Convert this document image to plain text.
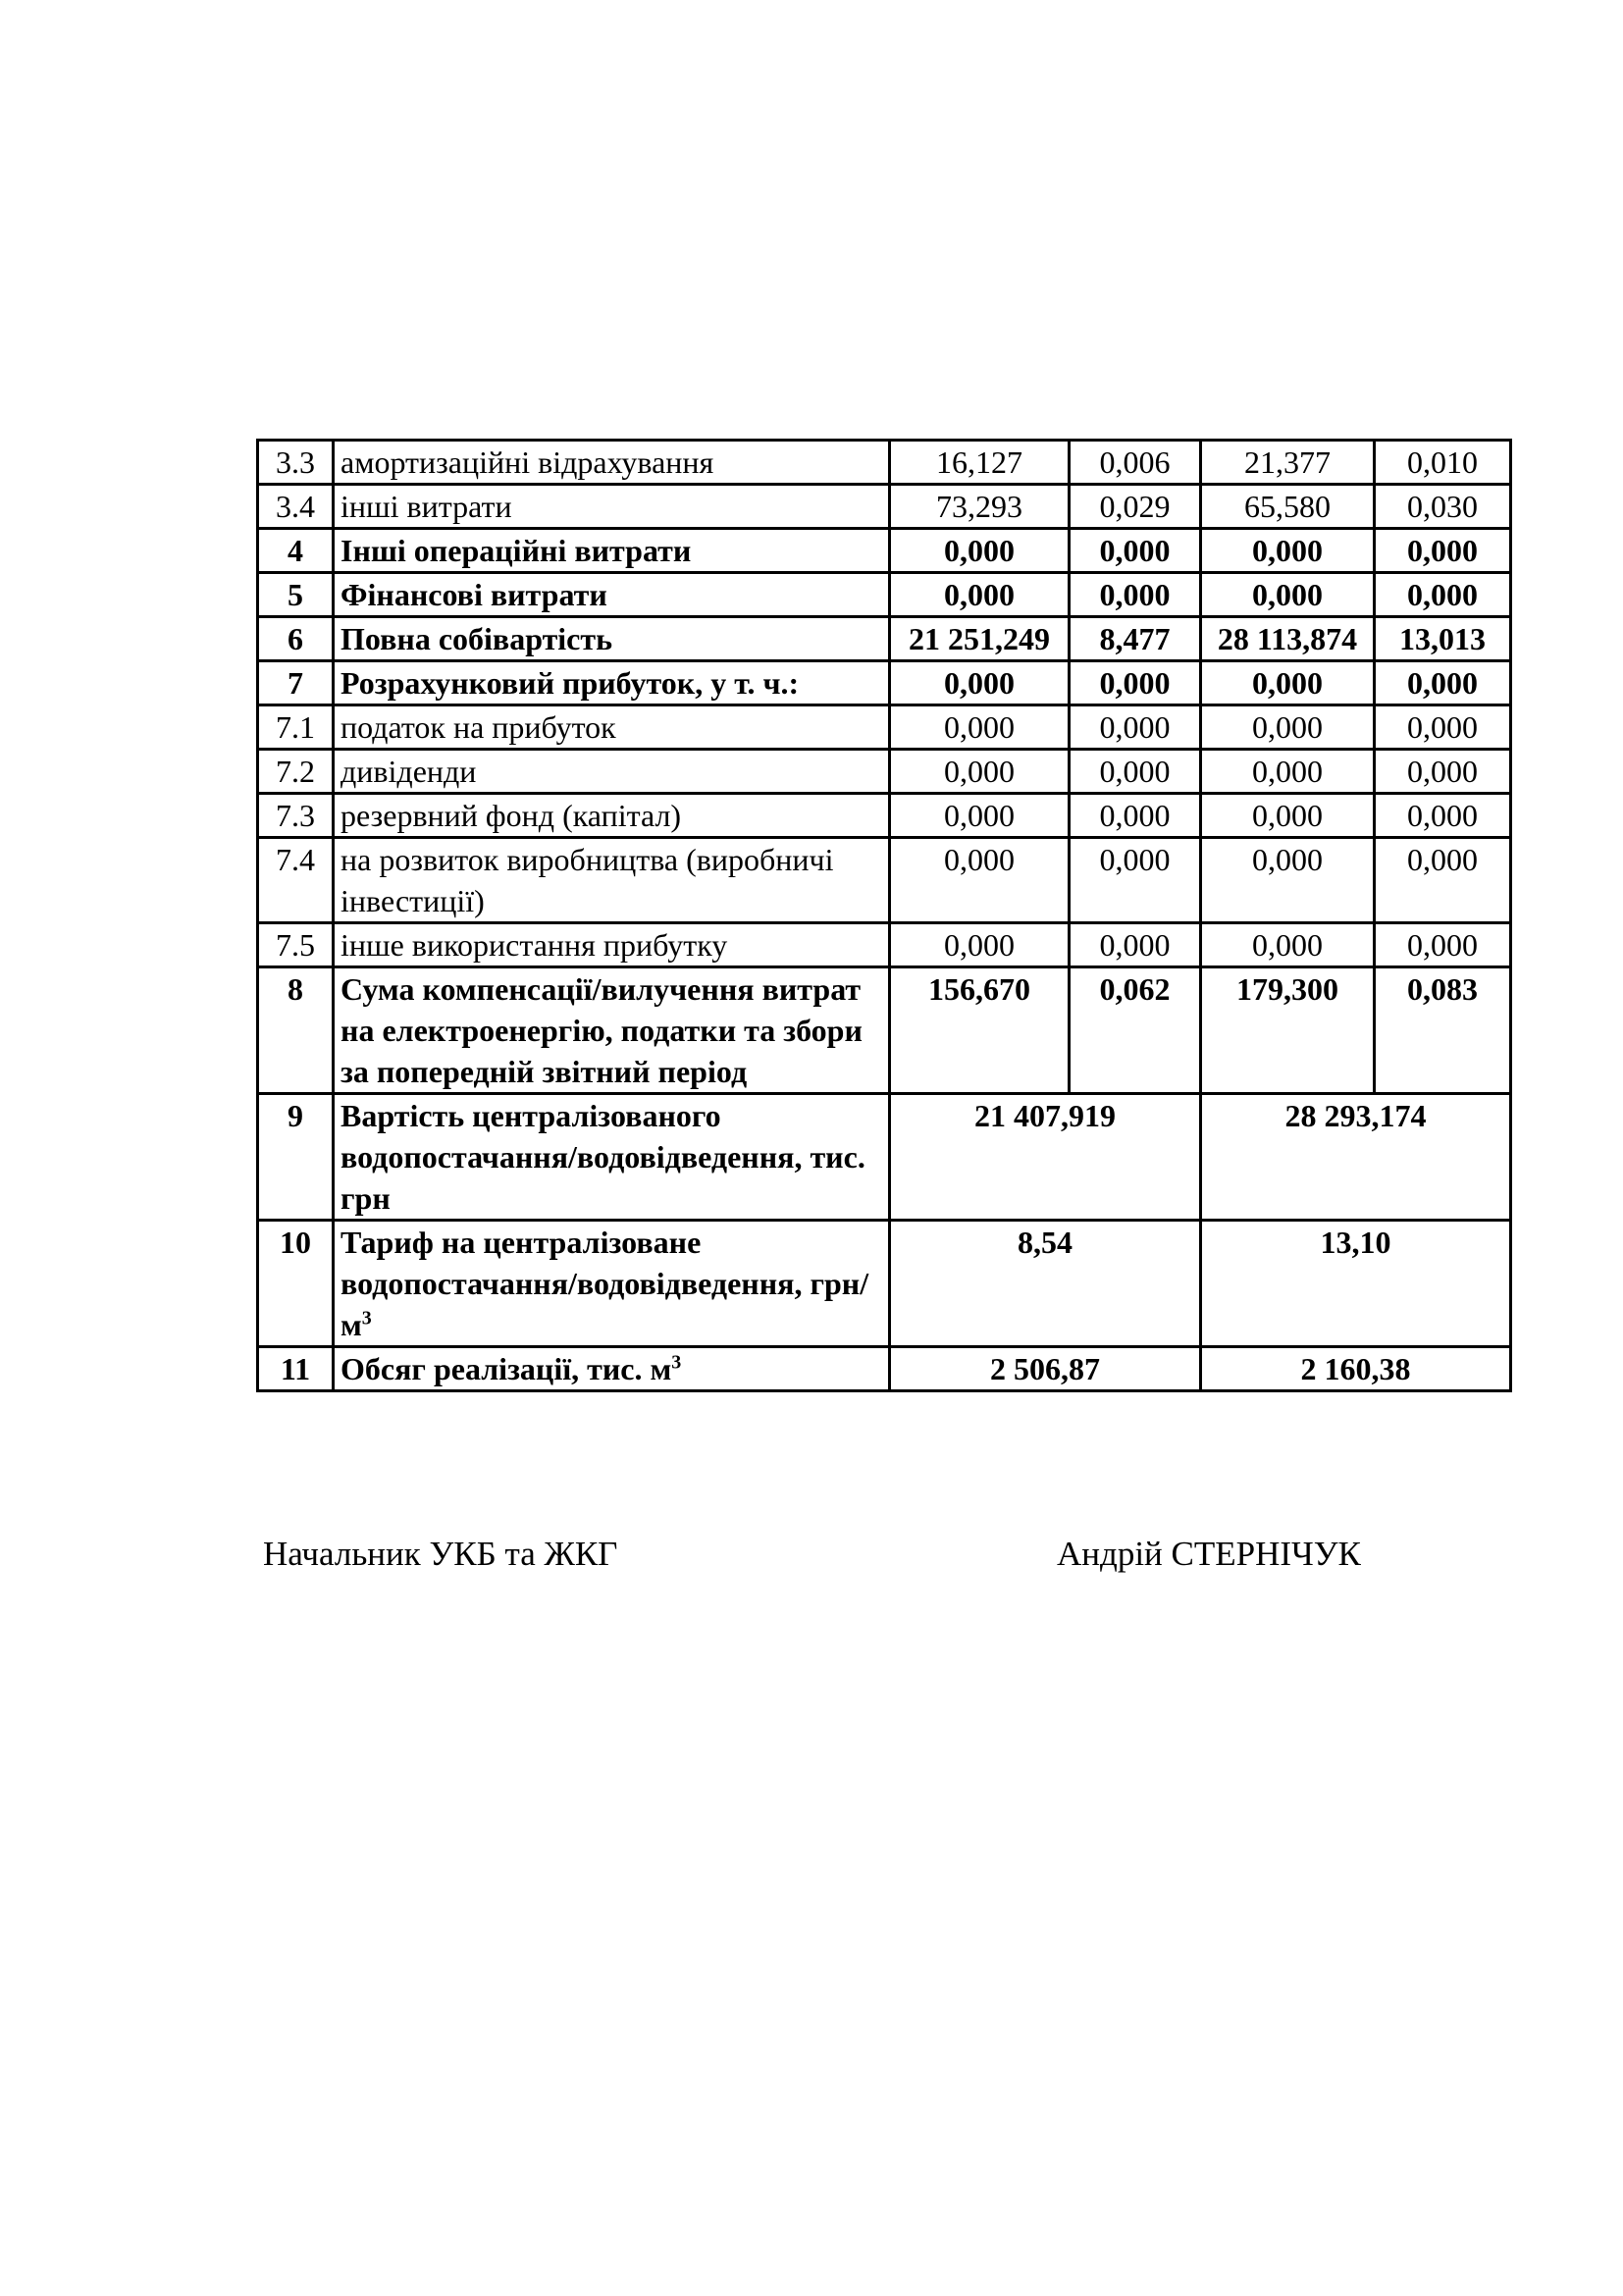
3.3	амортизаційні відрахування	16,127	0,006	21,377	0,010
3.4	інші витрати	73,293	0,029	65,580	0,030
4	Інші операційні витрати	0,000	0,000	0,000	0,000
5	Фінансові витрати	0,000	0,000	0,000	0,000
6	Повна собівартість	21 251,249	8,477	28 113,874	13,013
7	Розрахунковий прибуток, у т. ч.:	0,000	0,000	0,000	0,000
7.1	податок на прибуток	0,000	0,000	0,000	0,000
7.2	дивіденди	0,000	0,000	0,000	0,000
7.3	резервний фонд (капітал)	0,000	0,000	0,000	0,000
7.4	на розвиток виробництва (виробничі інвестиції)	0,000	0,000	0,000	0,000
7.5	інше використання прибутку	0,000	0,000	0,000	0,000
8	Сума компенсації/вилучення витрат на електроенергію, податки та збори за попередній звітний період	156,670	0,062	179,300	0,083
9	Вартість централізованого водопостачання/водовідведення, тис. грн	21 407,919		28 293,174	
10	Тариф на централізоване водопостачання/водовідведення, грн/$м^3$	8,54		13,10	
11	Обсяг реалізації, тис. $м^3$	2 506,87		2 160,38	
Начальник УКБ та ЖКГ	Андрій СТЕРНІЧУК
